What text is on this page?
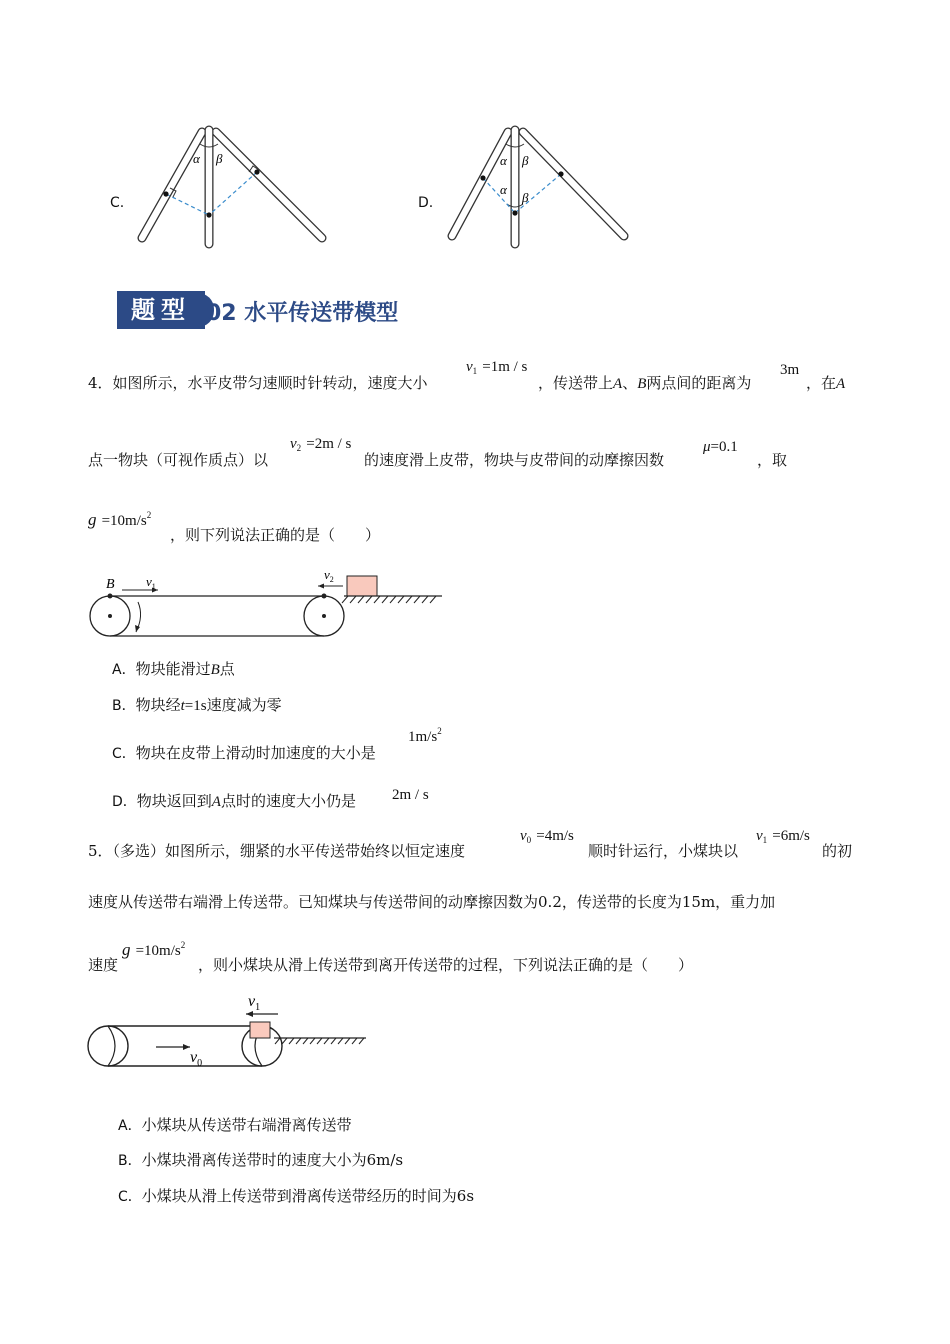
C.
α β
D.
α β
α
β
题型 02 水平传送带模型
4．如图所示，水平皮带匀速顺时针转动，速度大小
$v_1 =1m / s$
，传送带上A、B两点间的距离为
3m
，在A
点一物块（可视作质点）以
$v_2 =2m / s$
的速度滑上皮带，物块与皮带间的动摩擦因数
μ=0.1
，取
$g =10m/s^2$
，则下列说法正确的是（　　）
B $v_1$
$v_2$
A．物块能滑过B点
B．物块经t=1s速度减为零
C．物块在皮带上滑动时加速度的大小是
$1m/s^2$
D．物块返回到A点时的速度大小仍是 2m / s
5．（多选）如图所示，绷紧的水平传送带始终以恒定速度
$v_0 =4m/s$
顺时针运行，小煤块以
$v_1 =6m/s$
的初
速度从传送带右端滑上传送带。已知煤块与传送带间的动摩擦因数为0.2，传送带的长度为15m，重力加
速度
$g =10m/s^2$
，则小煤块从滑上传送带到离开传送带的过程，下列说法正确的是（　　）
$v_0$
$v_1$
A．小煤块从传送带右端滑离传送带
B．小煤块滑离传送带时的速度大小为6m/s
C．小煤块从滑上传送带到滑离传送带经历的时间为6s
